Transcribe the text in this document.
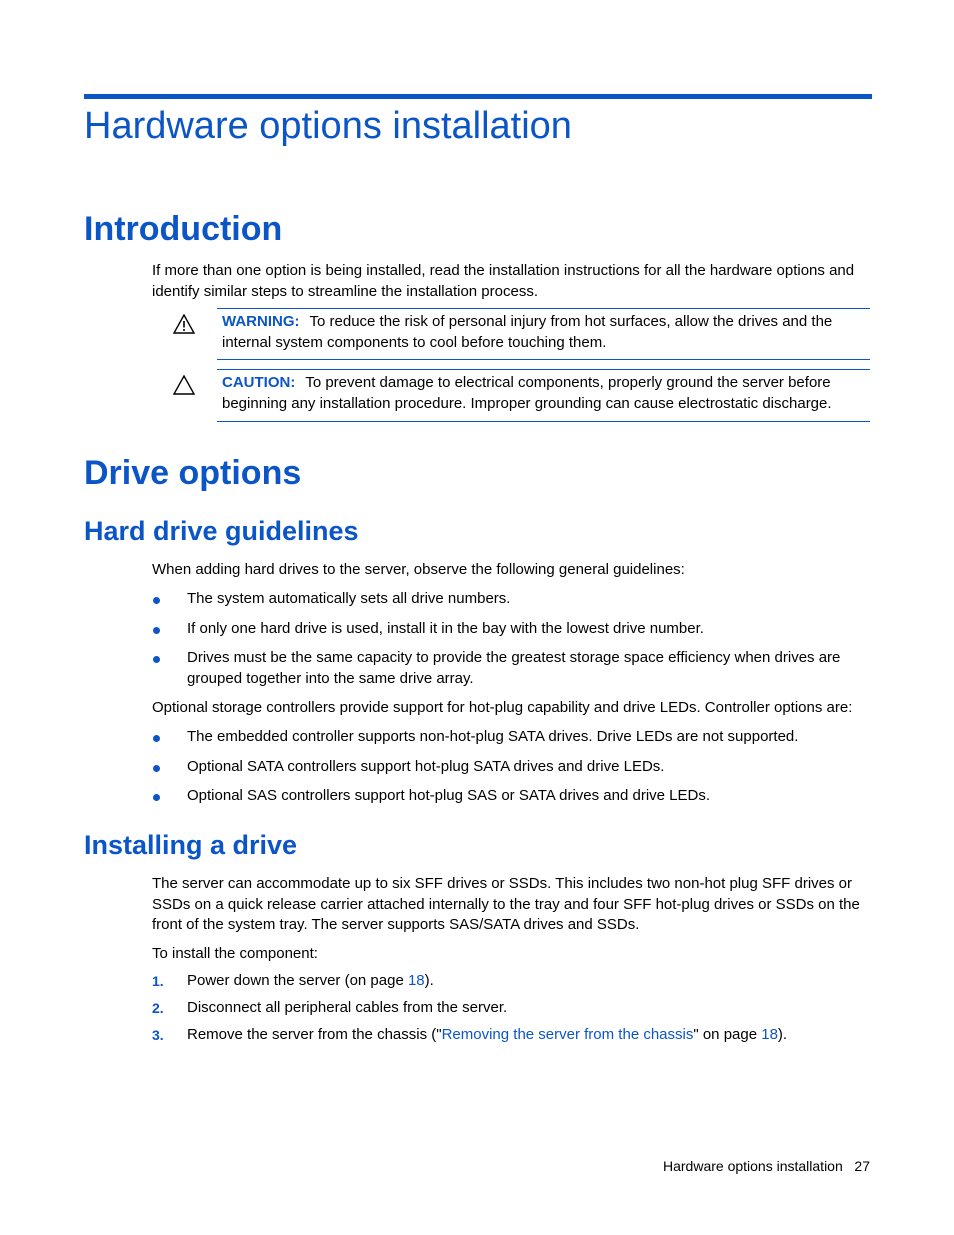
Hardware options installation
Introduction
If more than one option is being installed, read the installation instructions for all the hardware options and identify similar steps to streamline the installation process.
WARNING: To reduce the risk of personal injury from hot surfaces, allow the drives and the internal system components to cool before touching them.
CAUTION: To prevent damage to electrical components, properly ground the server before beginning any installation procedure. Improper grounding can cause electrostatic discharge.
Drive options
Hard drive guidelines
When adding hard drives to the server, observe the following general guidelines:
The system automatically sets all drive numbers.
If only one hard drive is used, install it in the bay with the lowest drive number.
Drives must be the same capacity to provide the greatest storage space efficiency when drives are grouped together into the same drive array.
Optional storage controllers provide support for hot-plug capability and drive LEDs. Controller options are:
The embedded controller supports non-hot-plug SATA drives. Drive LEDs are not supported.
Optional SATA controllers support hot-plug SATA drives and drive LEDs.
Optional SAS controllers support hot-plug SAS or SATA drives and drive LEDs.
Installing a drive
The server can accommodate up to six SFF drives or SSDs. This includes two non-hot plug SFF drives or SSDs on a quick release carrier attached internally to the tray and four SFF hot-plug drives or SSDs on the front of the system tray. The server supports SAS/SATA drives and SSDs.
To install the component:
1. Power down the server (on page 18).
2. Disconnect all peripheral cables from the server.
3. Remove the server from the chassis ("Removing the server from the chassis" on page 18).
Hardware options installation 27
